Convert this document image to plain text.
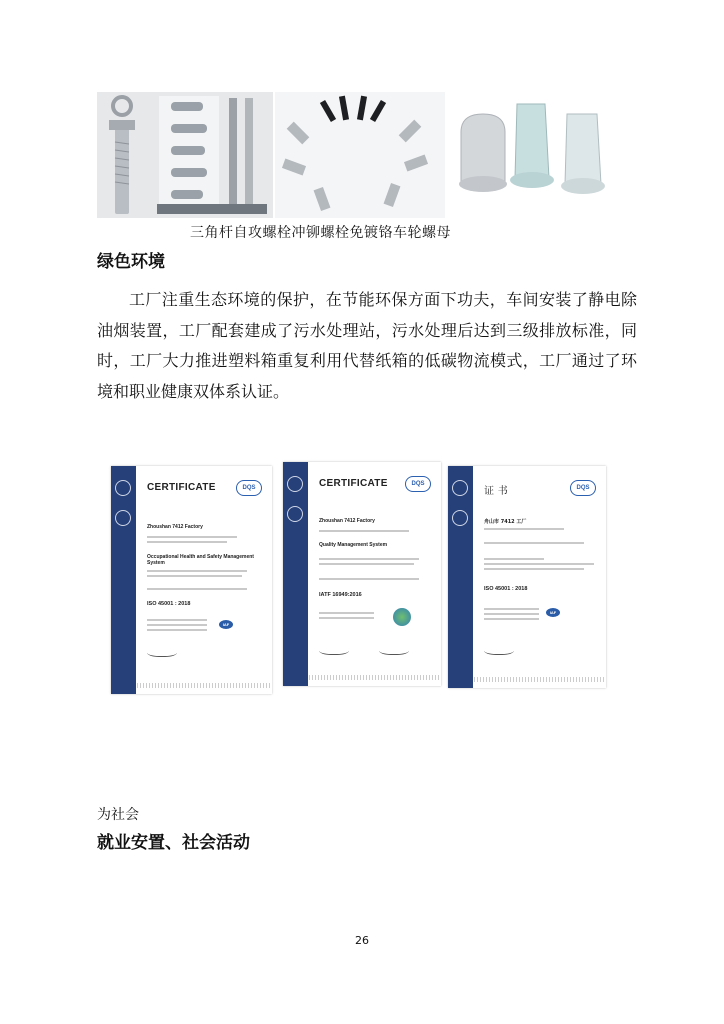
三角杆自攻螺栓冲铆螺栓免镀铬车轮螺母
绿色环境
工厂注重生态环境的保护，在节能环保方面下功夫，车间安装了静电除油烟装置，工厂配套建成了污水处理站，污水处理后达到三级排放标准，同时，工厂大力推进塑料箱重复利用代替纸箱的低碳物流模式，工厂通过了环境和职业健康双体系认证。
CERTIFICATE	DQS
Zhoushan 7412 Factory
Occupational Health and Safety Management System
ISO 45001 : 2018
IAF
CERTIFICATE	DQS
Zhoushan 7412 Factory
Quality Management System
IATF 16949:2016
证 书	DQS
舟山市 7412 工厂
ISO 45001 : 2018
IAF
为社会
就业安置、社会活动
26
